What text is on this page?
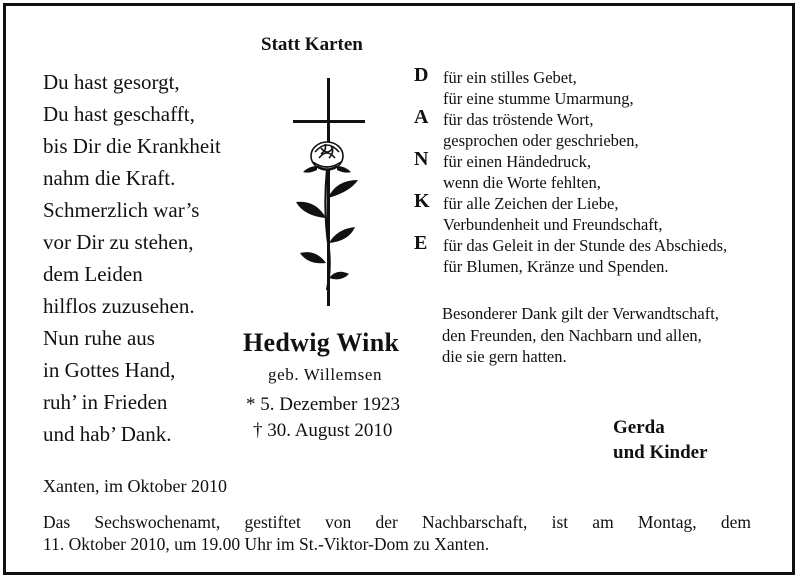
Statt Karten
Du hast gesorgt,
Du hast geschafft,
bis Dir die Krankheit
nahm die Kraft.
Schmerzlich war’s
vor Dir zu stehen,
dem Leiden
hilflos zuzusehen.
Nun ruhe aus
in Gottes Hand,
ruh’ in Frieden
und hab’ Dank.
Hedwig Wink
geb. Willemsen
* 5. Dezember 1923
† 30. August 2010
D
A
N
K
E
für ein stilles Gebet,
für eine stumme Umarmung,
für das tröstende Wort,
gesprochen oder geschrieben,
für einen Händedruck,
wenn die Worte fehlten,
für alle Zeichen der Liebe,
Verbundenheit und Freundschaft,
für das Geleit in der Stunde des Abschieds,
für Blumen, Kränze und Spenden.
Besonderer Dank gilt der Verwandtschaft,
den Freunden, den Nachbarn und allen,
die sie gern hatten.
Gerda
und Kinder
Xanten, im Oktober 2010
Das Sechswochenamt, gestiftet von der Nachbarschaft, ist am Montag, dem
11. Oktober 2010, um 19.00 Uhr im St.-Viktor-Dom zu Xanten.
